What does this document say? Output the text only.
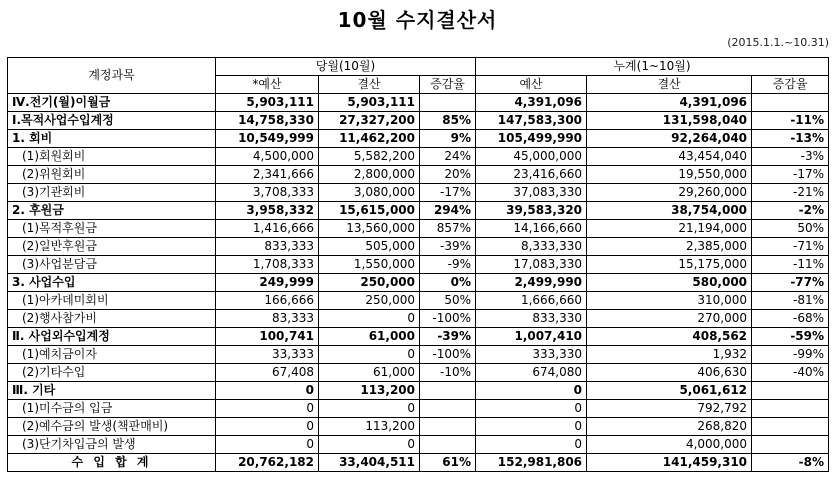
10월 수지결산서
(2015.1.1.~10.31)
계정과목	당월(10월)			누계(1~10월)		
	*예산	결산	증감율	예산	결산	증감율
Ⅳ.전기(월)이월금	5,903,111	5,903,111		4,391,096	4,391,096	
Ⅰ.목적사업수입계정	14,758,330	27,327,200	85%	147,583,300	131,598,040	-11%
1. 회비	10,549,999	11,462,200	9%	105,499,990	92,264,040	-13%
(1)회원회비	4,500,000	5,582,200	24%	45,000,000	43,454,040	-3%
(2)위원회비	2,341,666	2,800,000	20%	23,416,660	19,550,000	-17%
(3)기관회비	3,708,333	3,080,000	-17%	37,083,330	29,260,000	-21%
2. 후원금	3,958,332	15,615,000	294%	39,583,320	38,754,000	-2%
(1)목적후원금	1,416,666	13,560,000	857%	14,166,660	21,194,000	50%
(2)일반후원금	833,333	505,000	-39%	8,333,330	2,385,000	-71%
(3)사업분담금	1,708,333	1,550,000	-9%	17,083,330	15,175,000	-11%
3. 사업수입	249,999	250,000	0%	2,499,990	580,000	-77%
(1)아카데미회비	166,666	250,000	50%	1,666,660	310,000	-81%
(2)행사참가비	83,333	0	-100%	833,330	270,000	-68%
Ⅱ. 사업외수입계정	100,741	61,000	-39%	1,007,410	408,562	-59%
(1)예치금이자	33,333	0	-100%	333,330	1,932	-99%
(2)기타수입	67,408	61,000	-10%	674,080	406,630	-40%
Ⅲ. 기타	0	113,200		0	5,061,612	
(1)미수금의 입금	0	0		0	792,792	
(2)예수금의 발생(책판매비)	0	113,200		0	268,820	
(3)단기차입금의 발생	0	0		0	4,000,000	
수 입 합 계	20,762,182	33,404,511	61%	152,981,806	141,459,310	-8%
